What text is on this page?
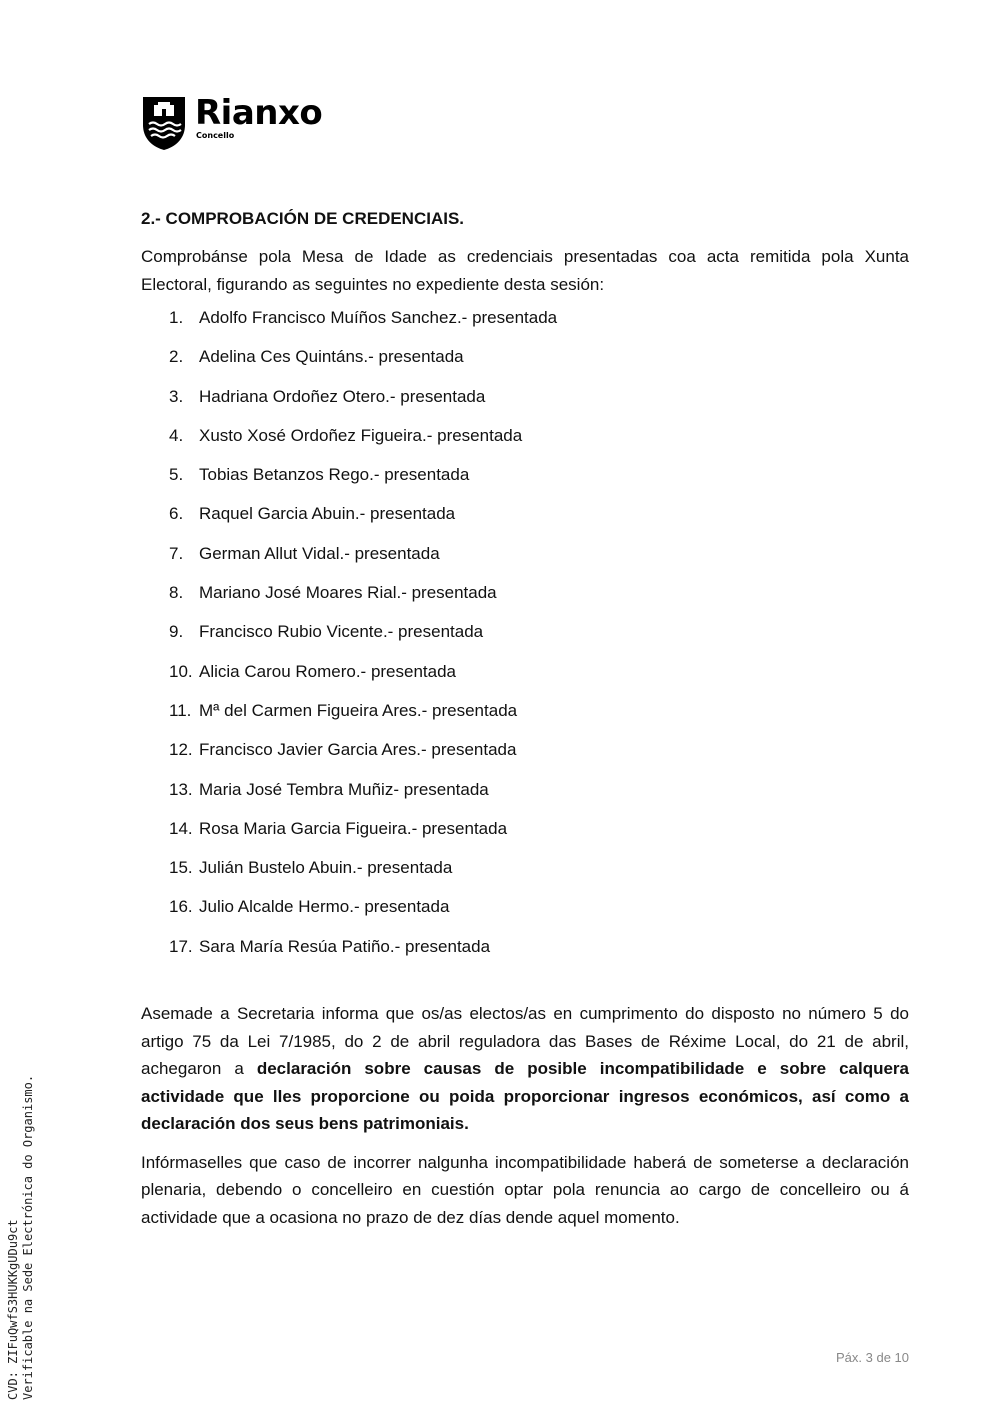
Rianxo
Concello
2.- COMPROBACIÓN DE CREDENCIAIS.

Comprobánse pola Mesa de Idade as credenciais presentadas coa acta remitida pola Xunta Electoral, figurando as seguintes no expediente desta sesión:

1. Adolfo Francisco Muíños Sanchez.- presentada
2. Adelina Ces Quintáns.- presentada
3. Hadriana Ordoñez Otero.- presentada
4. Xusto Xosé Ordoñez Figueira.- presentada
5. Tobias Betanzos Rego.- presentada
6. Raquel Garcia Abuin.- presentada
7. German Allut Vidal.- presentada
8. Mariano José Moares Rial.- presentada
9. Francisco Rubio Vicente.- presentada
10. Alicia Carou Romero.- presentada
11. Mª del Carmen Figueira Ares.- presentada
12. Francisco Javier Garcia Ares.- presentada
13. Maria José Tembra Muñiz- presentada
14. Rosa Maria Garcia Figueira.- presentada
15. Julián Bustelo Abuin.- presentada
16. Julio Alcalde Hermo.- presentada
17. Sara María Resúa Patiño.- presentada

Asemade a Secretaria informa que os/as electos/as en cumprimento do disposto no número 5 do artigo 75 da Lei 7/1985, do 2 de abril reguladora das Bases de Réxime Local, do 21 de abril, achegaron a declaración sobre causas de posible incompatibilidade e sobre calquera actividade que lles proporcione ou poida proporcionar ingresos económicos, así como a declaración dos seus bens patrimoniais.

Infórmaselles que caso de incorrer nalgunha incompatibilidade haberá de someterse a declaración plenaria, debendo o concelleiro en cuestión optar pola renuncia ao cargo de concelleiro ou á actividade que a ocasiona no prazo de dez días dende aquel momento.

CVD: ZIFuQwfS3HUKKgUDu9ct Verificable na Sede Electrónica do Organismo.	Páx. 3 de 10
